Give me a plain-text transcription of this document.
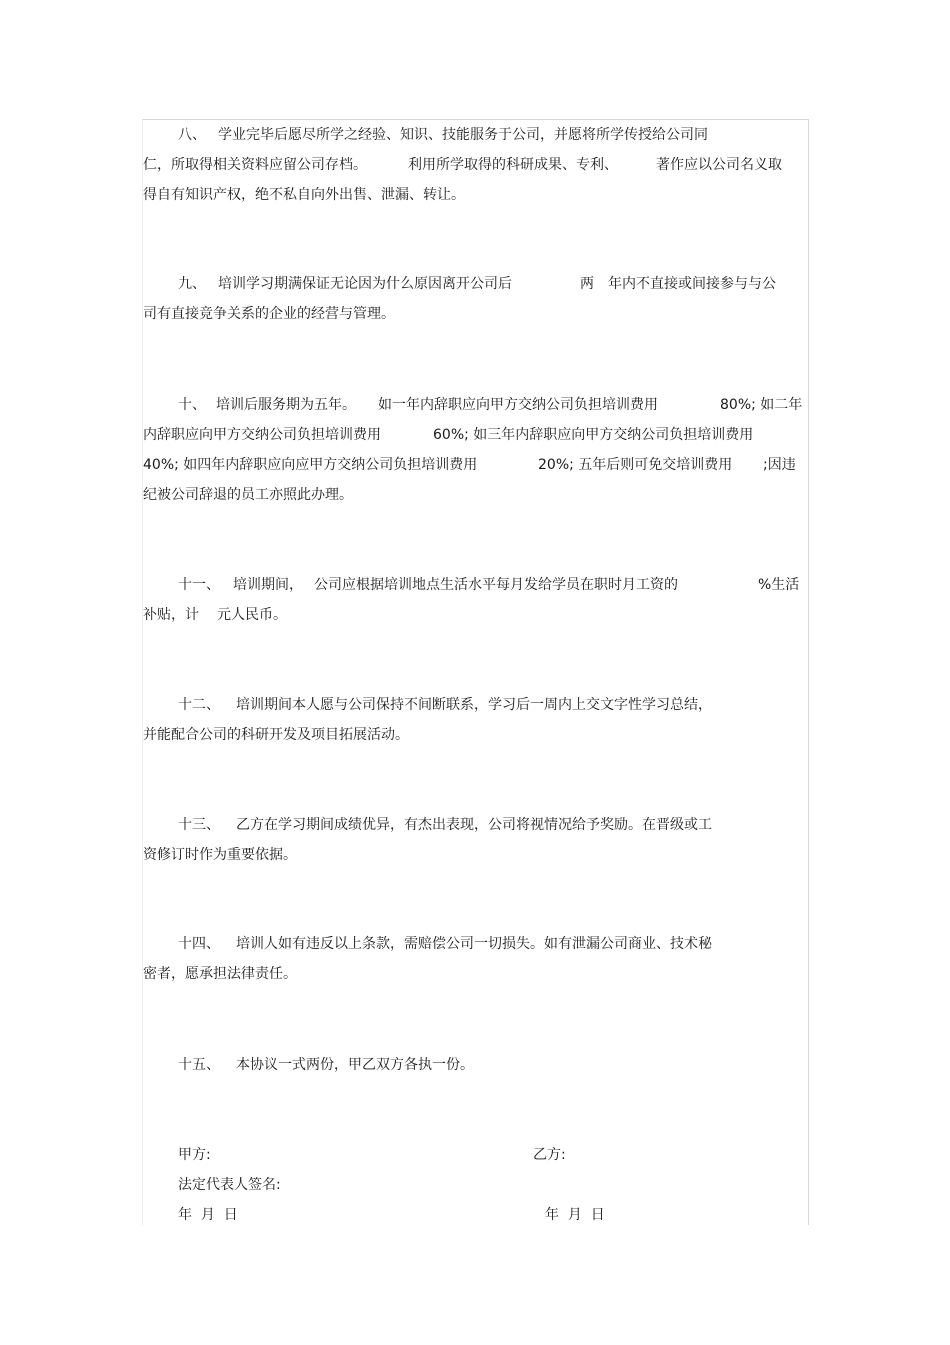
八、 学业完毕后愿尽所学之经验、知识、技能服务于公司，并愿将所学传授给公司同
仁，所取得相关资料应留公司存档。	利用所学取得的科研成果、专利、	著作应以公司名义取
得自有知识产权，绝不私自向外出售、泄漏、转让。
九、 培训学习期满保证无论因为什么原因离开公司后	两 年内不直接或间接参与与公
司有直接竞争关系的企业的经营与管理。
十、 培训后服务期为五年。 如一年内辞职应向甲方交纳公司负担培训费用	80%; 如二年
内辞职应向甲方交纳公司负担培训费用	60%; 如三年内辞职应向甲方交纳公司负担培训费用
40%; 如四年内辞职应向应甲方交纳公司负担培训费用	20%; 五年后则可免交培训费用 ;因违
纪被公司辞退的员工亦照此办理。
十一、 培训期间， 公司应根据培训地点生活水平每月发给学员在职时月工资的	%生活
补贴，计 元人民币。
十二、 培训期间本人愿与公司保持不间断联系，学习后一周内上交文字性学习总结，
并能配合公司的科研开发及项目拓展活动。
十三、 乙方在学习期间成绩优异，有杰出表现，公司将视情况给予奖励。在晋级或工
资修订时作为重要依据。
十四、 培训人如有违反以上条款，需赔偿公司一切损失。如有泄漏公司商业、技术秘
密者，愿承担法律责任。
十五、 本协议一式两份，甲乙双方各执一份。
甲方:	乙方:
法定代表人签名:
年  月  日	年  月  日
